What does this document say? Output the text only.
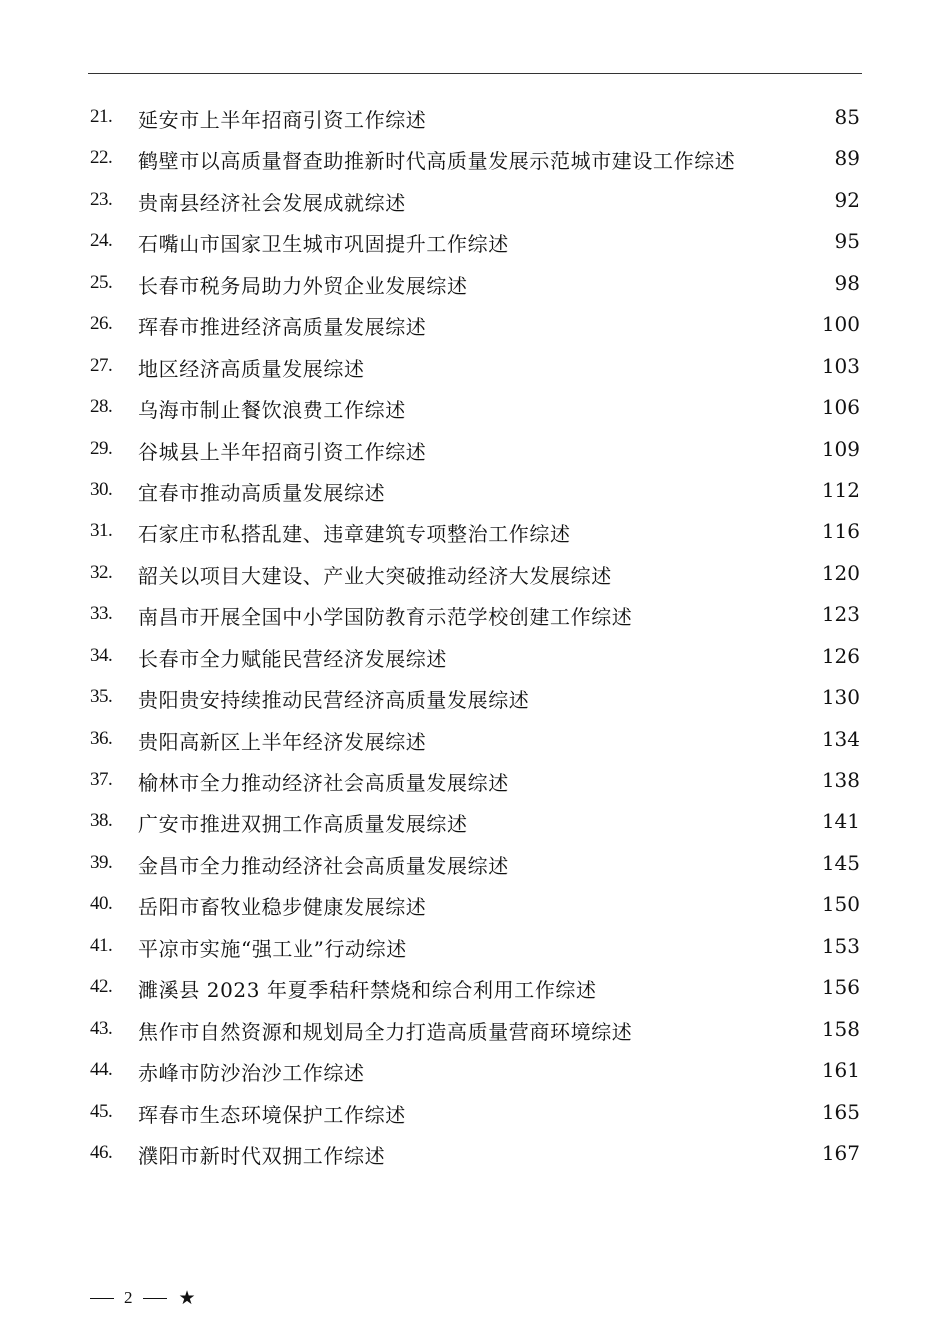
21. 延安市上半年招商引资工作综述	85
22. 鹤壁市以高质量督查助推新时代高质量发展示范城市建设工作综述	89
23. 贵南县经济社会发展成就综述	92
24. 石嘴山市国家卫生城市巩固提升工作综述	95
25. 长春市税务局助力外贸企业发展综述	98
26. 珲春市推进经济高质量发展综述	100
27. 地区经济高质量发展综述	103
28. 乌海市制止餐饮浪费工作综述	106
29. 谷城县上半年招商引资工作综述	109
30. 宜春市推动高质量发展综述	112
31. 石家庄市私搭乱建、违章建筑专项整治工作综述	116
32. 韶关以项目大建设、产业大突破推动经济大发展综述	120
33. 南昌市开展全国中小学国防教育示范学校创建工作综述	123
34. 长春市全力赋能民营经济发展综述	126
35. 贵阳贵安持续推动民营经济高质量发展综述	130
36. 贵阳高新区上半年经济发展综述	134
37. 榆林市全力推动经济社会高质量发展综述	138
38. 广安市推进双拥工作高质量发展综述	141
39. 金昌市全力推动经济社会高质量发展综述	145
40. 岳阳市畜牧业稳步健康发展综述	150
41. 平凉市实施“强工业”行动综述	153
42. 濉溪县 2023 年夏季秸秆禁烧和综合利用工作综述	156
43. 焦作市自然资源和规划局全力打造高质量营商环境综述	158
44. 赤峰市防沙治沙工作综述	161
45. 珲春市生态环境保护工作综述	165
46. 濮阳市新时代双拥工作综述	167
2 ★
